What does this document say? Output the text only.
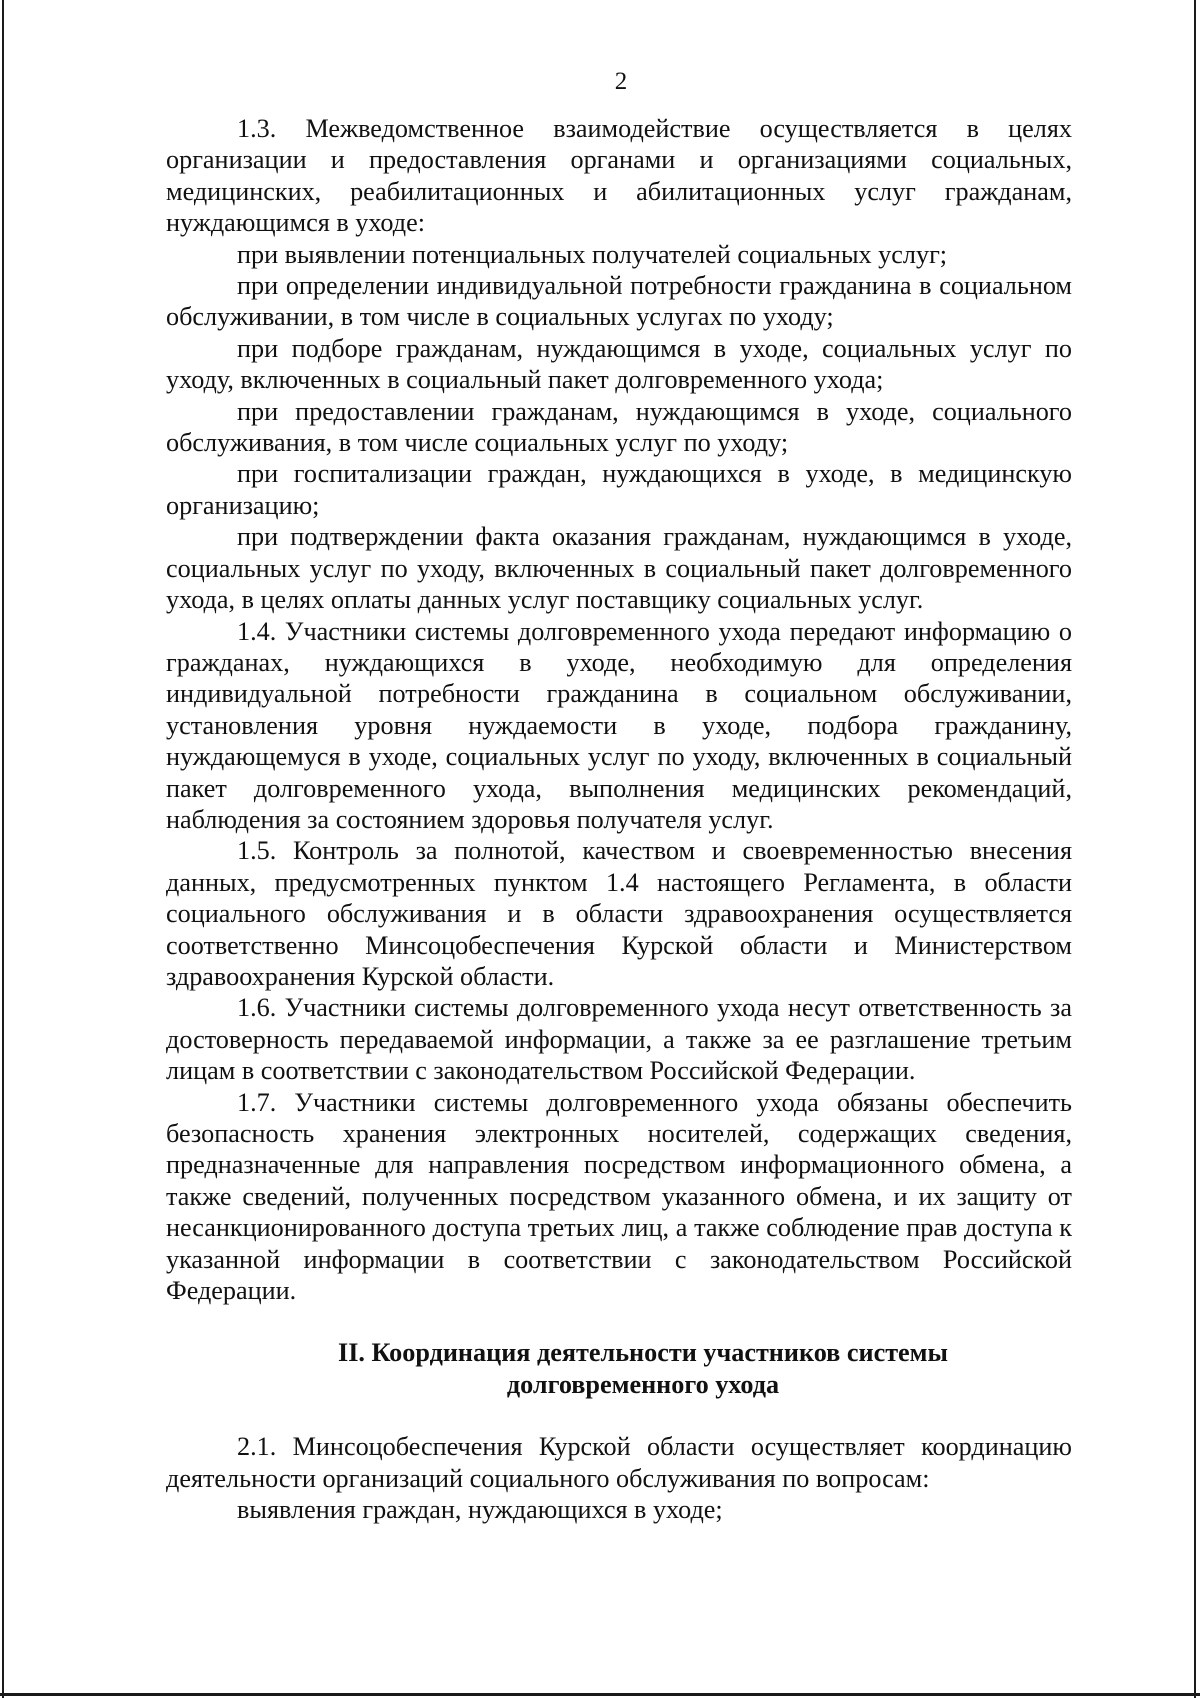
2

1.3. Межведомственное взаимодействие осуществляется в целях организации и предоставления органами и организациями социальных, медицинских, реабилитационных и абилитационных услуг гражданам, нуждающимся в уходе:

при выявлении потенциальных получателей социальных услуг;

при определении индивидуальной потребности гражданина в социальном обслуживании, в том числе в социальных услугах по уходу;

при подборе гражданам, нуждающимся в уходе, социальных услуг по уходу, включенных в социальный пакет долговременного ухода;

при предоставлении гражданам, нуждающимся в уходе, социального обслуживания, в том числе социальных услуг по уходу;

при госпитализации граждан, нуждающихся в уходе, в медицинскую организацию;

при подтверждении факта оказания гражданам, нуждающимся в уходе, социальных услуг по уходу, включенных в социальный пакет долговременного ухода, в целях оплаты данных услуг поставщику социальных услуг.

1.4. Участники системы долговременного ухода передают информацию о гражданах, нуждающихся в уходе, необходимую для определения индивидуальной потребности гражданина в социальном обслуживании, установления уровня нуждаемости в уходе, подбора гражданину, нуждающемуся в уходе, социальных услуг по уходу, включенных в социальный пакет долговременного ухода, выполнения медицинских рекомендаций, наблюдения за состоянием здоровья получателя услуг.

1.5. Контроль за полнотой, качеством и своевременностью внесения данных, предусмотренных пунктом 1.4 настоящего Регламента, в области социального обслуживания и в области здравоохранения осуществляется соответственно Минсоцобеспечения Курской области и Министерством здравоохранения Курской области.

1.6. Участники системы долговременного ухода несут ответственность за достоверность передаваемой информации, а также за ее разглашение третьим лицам в соответствии с законодательством Российской Федерации.

1.7. Участники системы долговременного ухода обязаны обеспечить безопасность хранения электронных носителей, содержащих сведения, предназначенные для направления посредством информационного обмена, а также сведений, полученных посредством указанного обмена, и их защиту от несанкционированного доступа третьих лиц, а также соблюдение прав доступа к указанной информации в соответствии с законодательством Российской Федерации.

II. Координация деятельности участников системы
долговременного ухода

2.1. Минсоцобеспечения Курской области осуществляет координацию деятельности организаций социального обслуживания по вопросам:

выявления граждан, нуждающихся в уходе;
